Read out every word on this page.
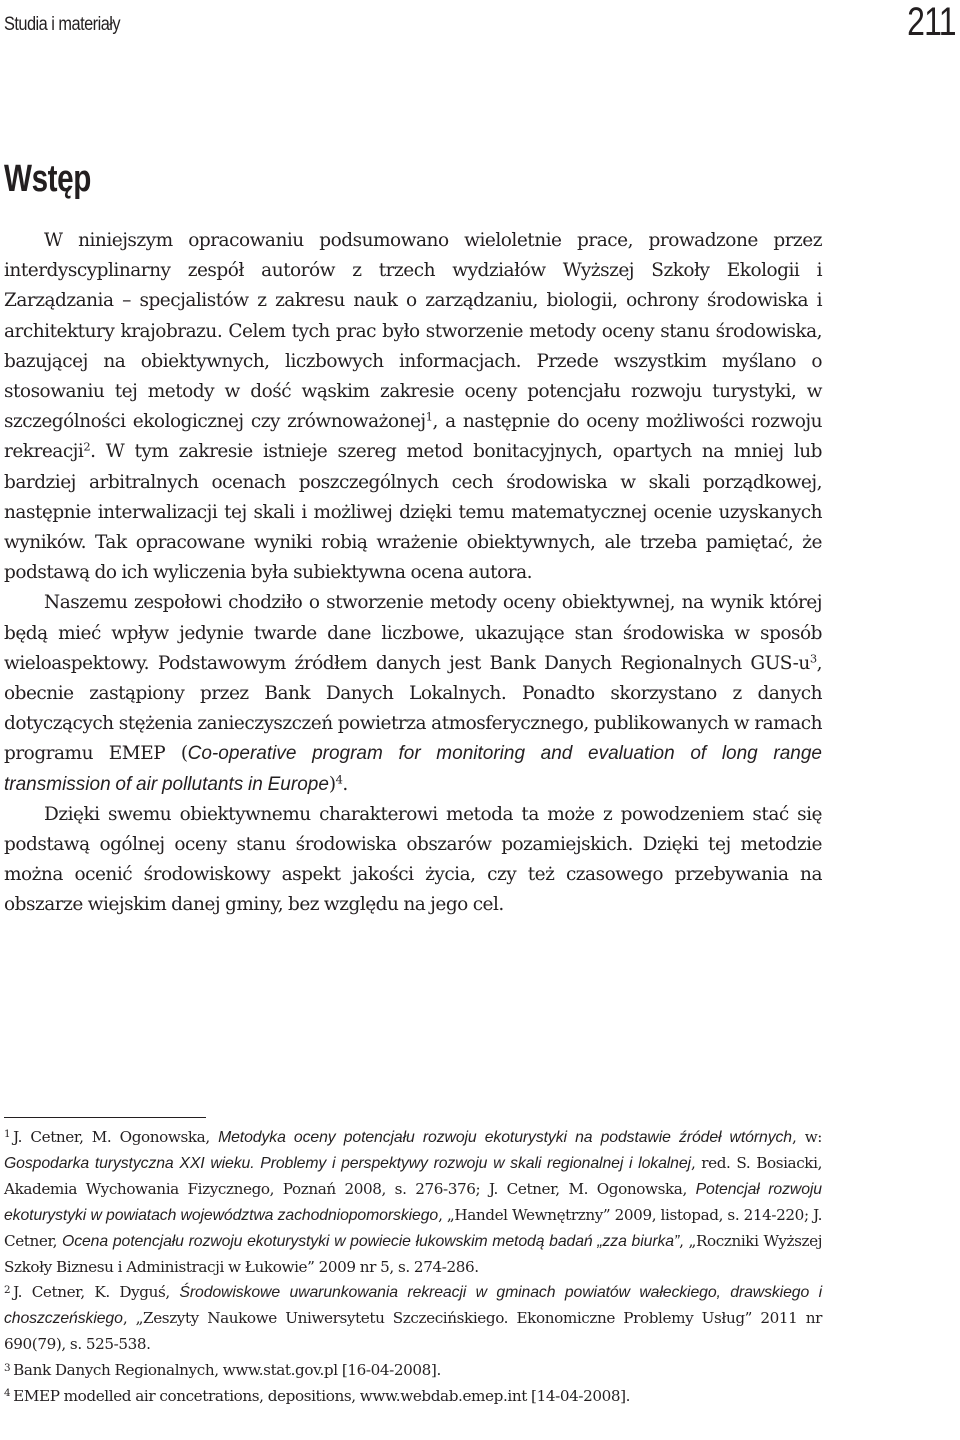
Studia i materiały	211
Wstęp

W niniejszym opracowaniu podsumowano wieloletnie prace, prowadzone przez interdyscyplinarny zespół autorów z trzech wydziałów Wyższej Szkoły Ekologii i Zarządzania – specjalistów z zakresu nauk o zarządzaniu, biologii, ochrony środowiska i architektury krajobrazu. Celem tych prac było stworzenie metody oceny stanu środowiska, bazującej na obiektywnych, liczbowych informacjach. Przede wszystkim myślano o stosowaniu tej metody w dość wąskim zakresie oceny potencjału rozwoju turystyki, w szczególności ekologicznej czy zrównoważonej$^1$, a następnie do oceny możliwości rozwoju rekreacji$^2$. W tym zakresie istnieje szereg metod bonitacyjnych, opartych na mniej lub bardziej arbitralnych ocenach poszczególnych cech środowiska w skali porządkowej, następnie interwalizacji tej skali i możliwej dzięki temu matematycznej ocenie uzyskanych wyników. Tak opracowane wyniki robią wrażenie obiektywnych, ale trzeba pamiętać, że podstawą do ich wyliczenia była subiektywna ocena autora.

Naszemu zespołowi chodziło o stworzenie metody oceny obiektywnej, na wynik której będą mieć wpływ jedynie twarde dane liczbowe, ukazujące stan środowiska w sposób wieloaspektowy. Podstawowym źródłem danych jest Bank Danych Regionalnych GUS-$u^3$, obecnie zastąpiony przez Bank Danych Lokalnych. Ponadto skorzystano z danych dotyczących stężenia zanieczyszczeń powietrza atmosferycznego, publikowanych w ramach programu EMEP (Co-operative program for monitoring and evaluation of long range transmission of air pollutants in Europe)$^4$.

Dzięki swemu obiektywnemu charakterowi metoda ta może z powodzeniem stać się podstawą ogólnej oceny stanu środowiska obszarów pozamiejskich. Dzięki tej metodzie można ocenić środowiskowy aspekt jakości życia, czy też czasowego przebywania na obszarze wiejskim danej gminy, bez względu na jego cel.

$^1$ J. Cetner, M. Ogonowska, Metodyka oceny potencjału rozwoju ekoturystyki na podstawie źródeł wtórnych, w: Gospodarka turystyczna XXI wieku. Problemy i perspektywy rozwoju w skali regionalnej i lokalnej, red. S. Bosiacki, Akademia Wychowania Fizycznego, Poznań 2008, s. 276-376; J. Cetner, M. Ogonowska, Potencjał rozwoju ekoturystyki w powiatach województwa zachodniopomorskiego, „Handel Wewnętrzny” 2009, listopad, s. 214-220; J. Cetner, Ocena potencjału rozwoju ekoturystyki w powiecie łukowskim metodą badań „zza biurka”, „Roczniki Wyższej Szkoły Biznesu i Administracji w Łukowie” 2009 nr 5, s. 274-286.

$^2$ J. Cetner, K. Dyguś, Środowiskowe uwarunkowania rekreacji w gminach powiatów wałeckiego, drawskiego i choszczeńskiego, „Zeszyty Naukowe Uniwersytetu Szczecińskiego. Ekonomiczne Problemy Usług” 2011 nr 690(79), s. 525-538.

$^3$ Bank Danych Regionalnych, www.stat.gov.pl [16-04-2008].

$^4$ EMEP modelled air concetrations, depositions, www.webdab.emep.int [14-04-2008].
